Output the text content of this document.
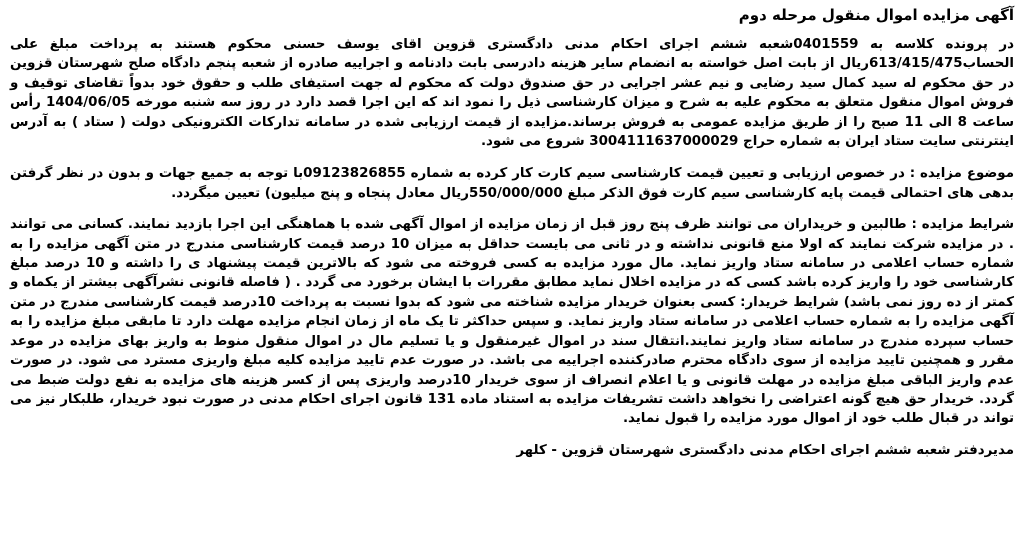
آگهی مزایده اموال منقول مرحله دوم

در پرونده کلاسه به 0401559شعبه ششم اجرای احکام مدنی دادگستری قزوین اقای یوسف حسنی محکوم هستند به پرداخت مبلغ علی الحساب613/415/475ریال از بابت اصل خواسته به انضمام سایر هزینه دادرسی بابت دادنامه و اجراییه صادره از شعبه پنجم دادگاه صلح شهرستان قزوین در حق محکوم له سید کمال سید رضایی و نیم عشر اجرایی در حق صندوق دولت که محکوم له جهت استیفای طلب و حقوق خود بدواً تقاضای توقیف و فروش اموال منقول متعلق به محکوم علیه به شرح و میزان کارشناسی ذیل را نمود اند که این اجرا قصد دارد در روز سه شنبه مورخه 1404/06/05 رأس ساعت 8 الی 11 صبح را از طریق مزایده عمومی به فروش برساند.مزایده از قیمت ارزیابی شده در سامانه تدارکات الکترونیکی دولت ( ستاد ) به آدرس اینترنتی سایت ستاد ایران به شماره حراج 3004111637000029 شروع می شود.

موضوع مزایده : در خصوص ارزیابی و تعیین قیمت کارشناسی سیم کارت کار کرده به شماره 09123826855با توجه به جمیع جهات و بدون در نظر گرفتن بدهی های احتمالی قیمت پایه کارشناسی سیم کارت فوق الذکر مبلغ 550/000/000ریال معادل پنجاه و پنج میلیون) تعیین میگردد.

شرایط مزایده : طالبین و خریداران می توانند ظرف پنج روز قبل از زمان مزایده از اموال آگهی شده با هماهنگی این اجرا بازدید نمایند. کسانی می توانند . در مزایده شرکت نمایند که اولا منع قانونی نداشته و در ثانی می بایست حداقل به میزان 10 درصد قیمت کارشناسی مندرج در متن آگهی مزایده را به شماره حساب اعلامی در سامانه ستاد واریز نماید. مال مورد مزایده به کسی فروخته می شود که بالاترین قیمت پیشنهاد ی را داشته و 10 درصد مبلغ کارشناسی خود را واریز کرده باشد کسی که در مزایده اخلال نماید مطابق مقررات با ایشان برخورد می گردد . ( فاصله قانونی نشرآگهی بیشتر از یکماه و کمتر از ده روز نمی باشد) شرایط خریدار: کسی بعنوان خریدار مزایده شناخته می شود که بدوا نسبت به پرداخت 10درصد قیمت کارشناسی مندرج در متن آگهی مزایده را به شماره حساب اعلامی در سامانه ستاد واریز نماید. و سپس حداکثر تا یک ماه از زمان انجام مزایده مهلت دارد تا مابقی مبلغ مزایده را به حساب سپرده مندرج در سامانه ستاد واریز نمایند.انتقال سند در اموال غیرمنقول و یا تسلیم مال در اموال منقول منوط به واریز بهای مزایده در موعد مقرر و همچنین تایید مزایده از سوی دادگاه محترم صادرکننده اجراییه می باشد. در صورت عدم تایید مزایده کلیه مبلغ واریزی مسترد می شود. در صورت عدم واریز الباقی مبلغ مزایده در مهلت قانونی و یا اعلام انصراف از سوی خریدار 10درصد واریزی پس از کسر هزینه های مزایده به نفع دولت ضبط می گردد. خریدار حق هیچ گونه اعتراضی را نخواهد داشت تشریفات مزایده به استناد ماده 131 قانون اجرای احکام مدنی در صورت نبود خریدار، طلبکار نیز می تواند در قبال طلب خود از اموال مورد مزایده را قبول نماید.

مدیردفتر شعبه ششم اجرای احکام مدنی دادگستری شهرستان قزوین - کلهر
